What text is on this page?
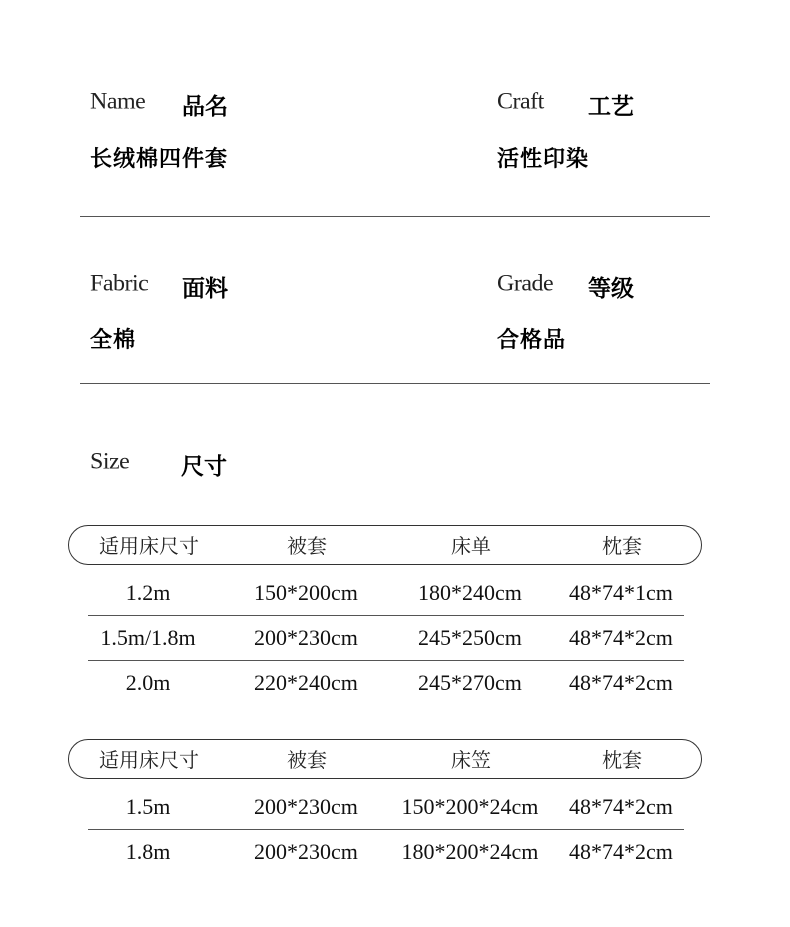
Name 品名
长绒棉四件套
Craft 工艺
活性印染
Fabric 面料
全棉
Grade 等级
合格品
Size 尺寸
适用床尺寸	被套	床单	枕套
1.2m	150*200cm	180*240cm	48*74*1cm
1.5m/1.8m	200*230cm	245*250cm	48*74*2cm
2.0m	220*240cm	245*270cm	48*74*2cm
适用床尺寸	被套	床笠	枕套
1.5m	200*230cm	150*200*24cm	48*74*2cm
1.8m	200*230cm	180*200*24cm	48*74*2cm
